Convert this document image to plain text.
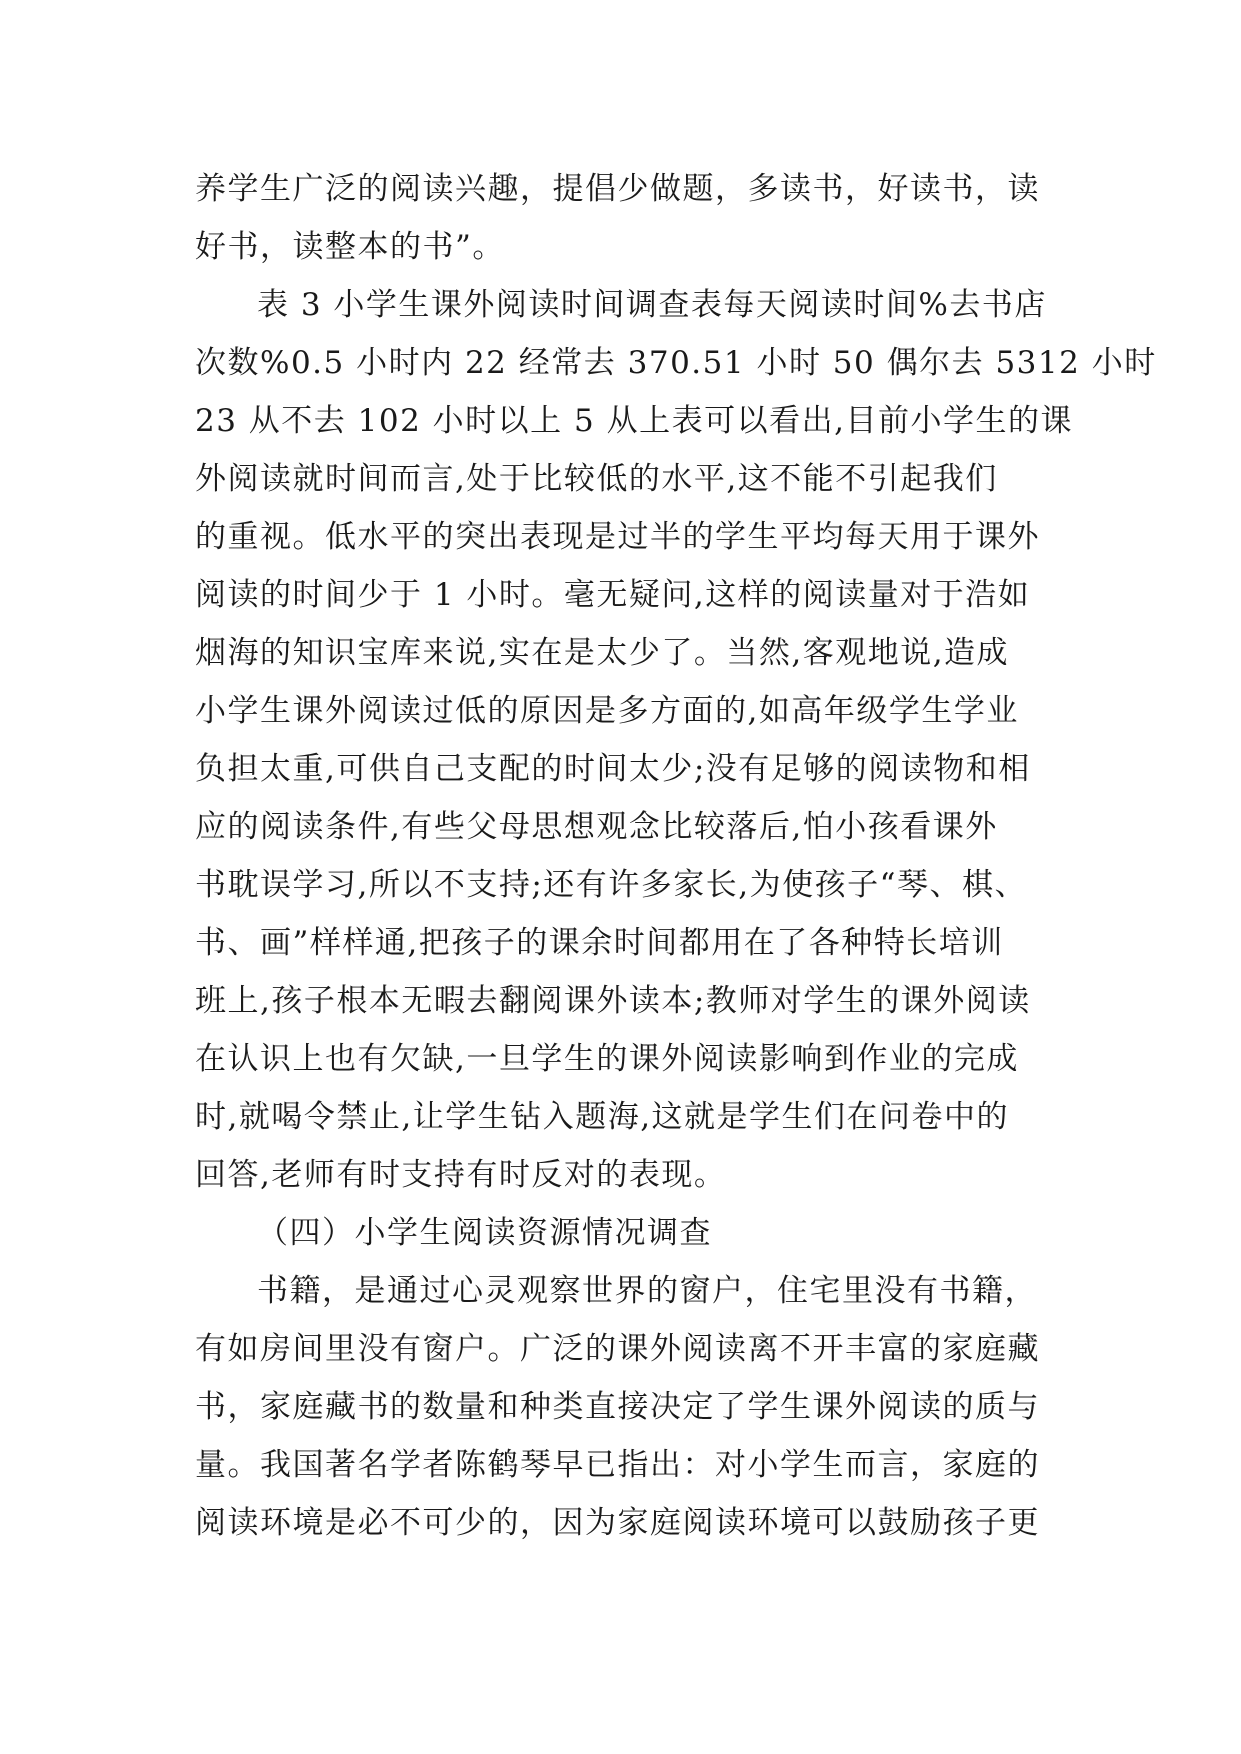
养学生广泛的阅读兴趣，提倡少做题，多读书，好读书，读
好书，读整本的书”。
表 3 小学生课外阅读时间调查表每天阅读时间%去书店
次数%0.5 小时内 22 经常去 370.51 小时 50 偶尔去 5312 小时
23 从不去 102 小时以上 5 从上表可以看出,目前小学生的课
外阅读就时间而言,处于比较低的水平,这不能不引起我们
的重视。低水平的突出表现是过半的学生平均每天用于课外
阅读的时间少于 1 小时。毫无疑问,这样的阅读量对于浩如
烟海的知识宝库来说,实在是太少了。当然,客观地说,造成
小学生课外阅读过低的原因是多方面的,如高年级学生学业
负担太重,可供自己支配的时间太少;没有足够的阅读物和相
应的阅读条件,有些父母思想观念比较落后,怕小孩看课外
书耽误学习,所以不支持;还有许多家长,为使孩子“琴、棋、
书、画”样样通,把孩子的课余时间都用在了各种特长培训
班上,孩子根本无暇去翻阅课外读本;教师对学生的课外阅读
在认识上也有欠缺,一旦学生的课外阅读影响到作业的完成
时,就喝令禁止,让学生钻入题海,这就是学生们在问卷中的
回答,老师有时支持有时反对的表现。
（四）小学生阅读资源情况调查
书籍，是通过心灵观察世界的窗户，住宅里没有书籍，
有如房间里没有窗户。广泛的课外阅读离不开丰富的家庭藏
书，家庭藏书的数量和种类直接决定了学生课外阅读的质与
量。我国著名学者陈鹤琴早已指出：对小学生而言，家庭的
阅读环境是必不可少的，因为家庭阅读环境可以鼓励孩子更
